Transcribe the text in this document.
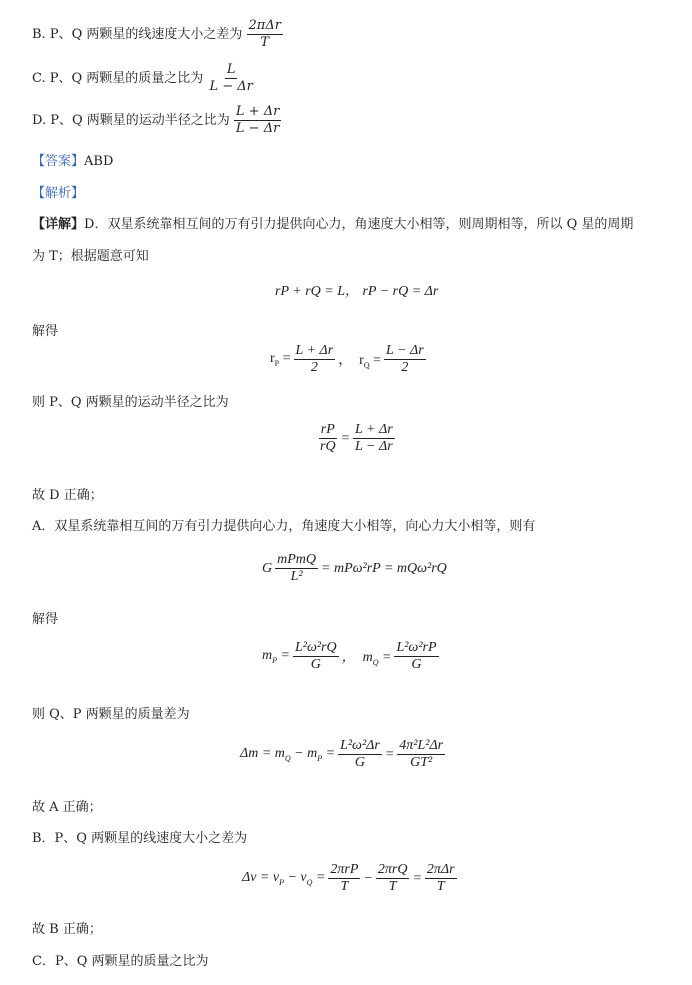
B. P、Q 两颗星的线速度大小之差为 $\frac{\text{2πΔr}}{T}$
C. P、Q 两颗星的质量之比为 $\frac{L}{L - \Delta r}$
D. P、Q 两颗星的运动半径之比为 $\frac{L + \Delta r}{L - \Delta r}$
【答案】ABD
【解析】
【详解】D．双星系统靠相互间的万有引力提供向心力，角速度大小相等，则周期相等，所以 Q 星的周期
为 T；根据题意可知
rP + rQ = L， rP − rQ = Δr
解得
$r_P = \frac{L + \Delta r}{2}$ ，  $r_Q = \frac{L - \Delta r}{2}$
则 P、Q 两颗星的运动半径之比为
$\frac{rP}{rQ} = \frac{L + \Delta r}{L - \Delta r}$
故 D 正确；
A．双星系统靠相互间的万有引力提供向心力，角速度大小相等，向心力大小相等，则有
G $\frac{\text{mPmQ}}{\text{L²}} = mP\omega^2rP = mQ\omega^2rQ$
解得
$m_P = \frac{\text{L²ω²rQ}}{G}$ ，  $m_Q = \frac{\text{L²ω²rP}}{G}$
则 Q、P 两颗星的质量差为
$\Delta m = m_Q - m_P = \frac{\text{L²ω²Δr}}{G} = \frac{\text{4π²L²Δr}}{\text{GT²}}$
故 A 正确；
B．P、Q 两颗星的线速度大小之差为
$\Delta v = v_P - v_Q = \frac{\text{2πrP}}{T} - \frac{\text{2πrQ}}{T} = \frac{\text{2πΔr}}{T}$
故 B 正确；
C．P、Q 两颗星的质量之比为
